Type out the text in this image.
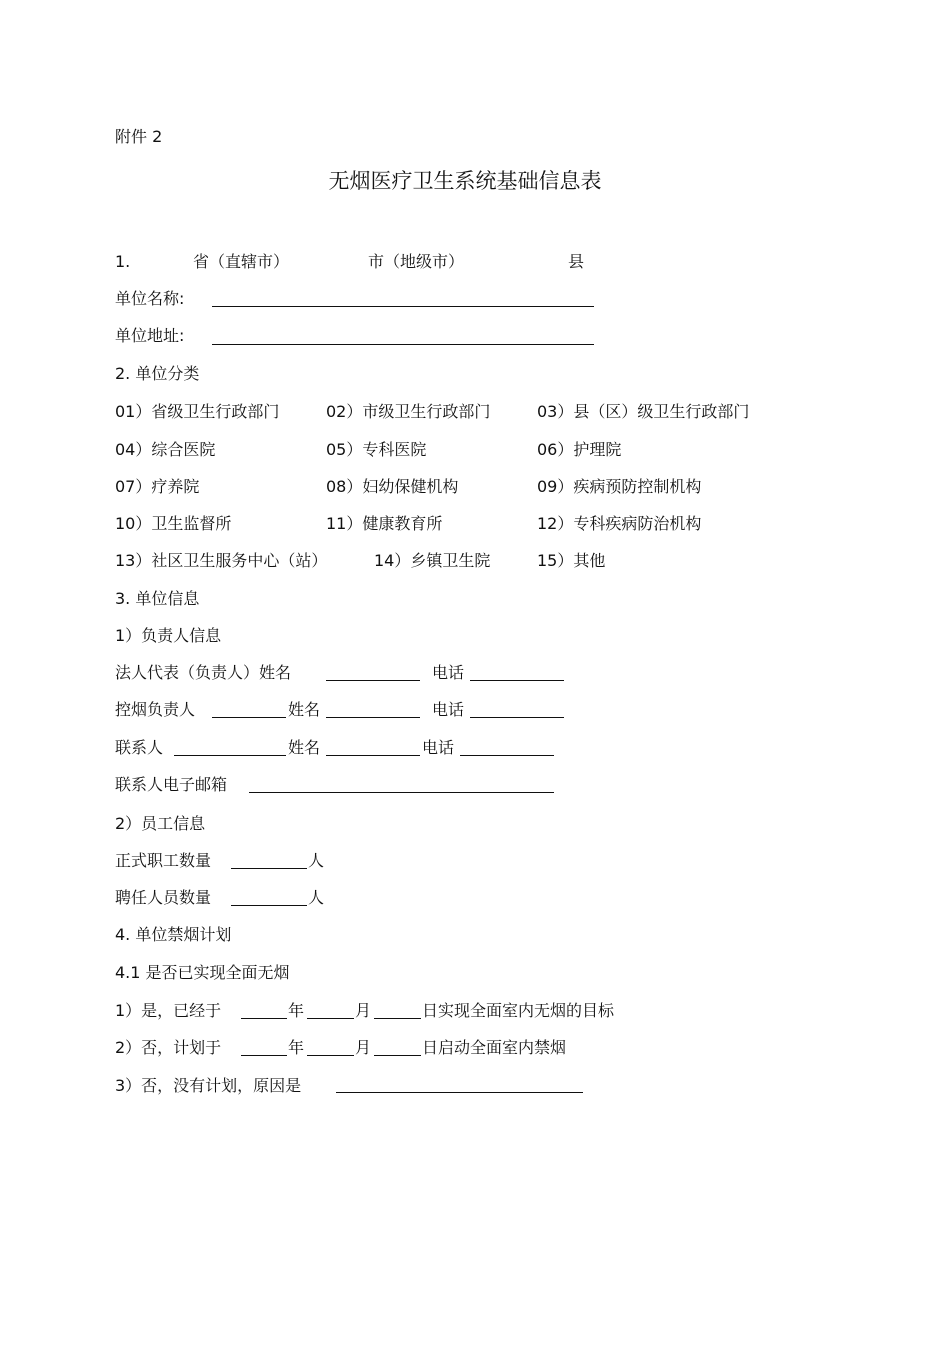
附件 2
无烟医疗卫生系统基础信息表
1.	省（直辖市）	市（地级市）	县
单位名称:
单位地址:
2. 单位分类
01）省级卫生行政部门	02）市级卫生行政部门	03）县（区）级卫生行政部门
04）综合医院	05）专科医院	06）护理院
07）疗养院	08）妇幼保健机构	09）疾病预防控制机构
10）卫生监督所	11）健康教育所	12）专科疾病防治机构
13）社区卫生服务中心（站）	14）乡镇卫生院	15）其他
3. 单位信息
1）负责人信息
法人代表（负责人）姓名	电话
控烟负责人	姓名	电话
联系人	姓名	电话
联系人电子邮箱
2）员工信息
正式职工数量	人
聘任人员数量	人
4. 单位禁烟计划
4.1 是否已实现全面无烟
1）是，已经于	年	月	日实现全面室内无烟的目标
2）否，计划于	年	月	日启动全面室内禁烟
3）否，没有计划，原因是
